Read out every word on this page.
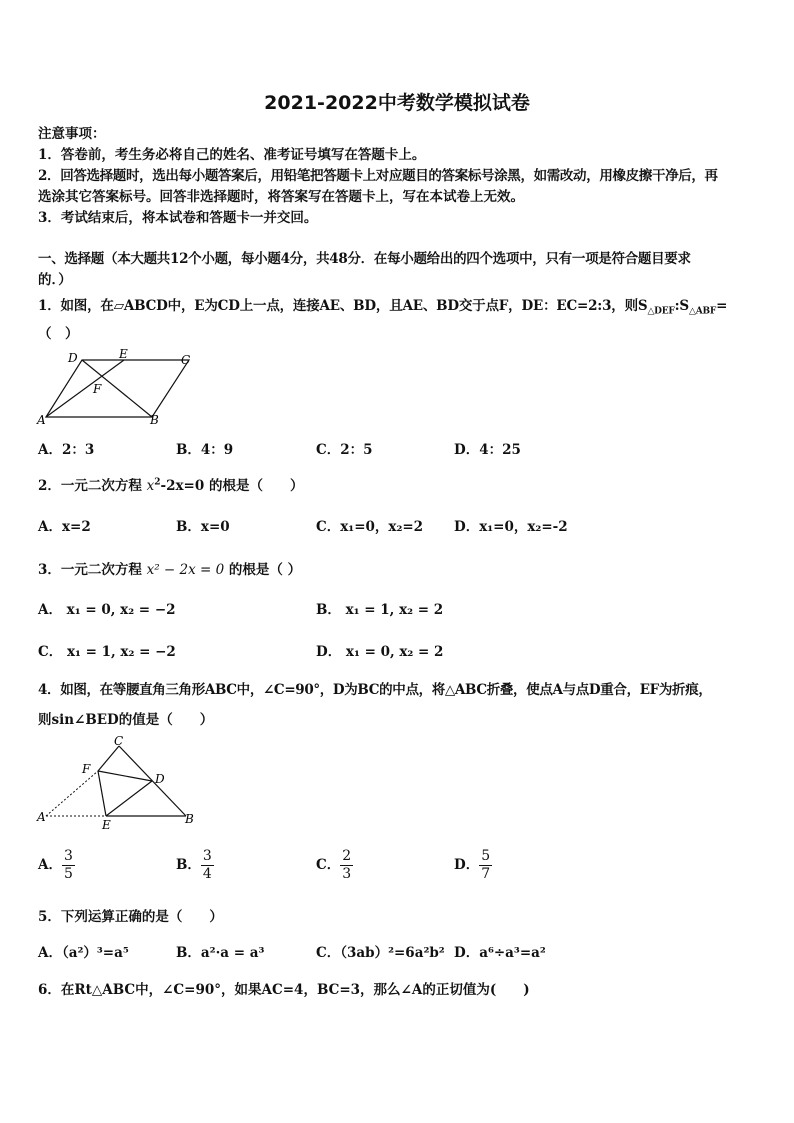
2021-2022中考数学模拟试卷
注意事项：
1．答卷前，考生务必将自己的姓名、准考证号填写在答题卡上。
2．回答选择题时，选出每小题答案后，用铅笔把答题卡上对应题目的答案标号涂黑，如需改动，用橡皮擦干净后，再
选涂其它答案标号。回答非选择题时，将答案写在答题卡上，写在本试卷上无效。
3．考试结束后，将本试卷和答题卡一并交回。
一、选择题（本大题共12个小题，每小题4分，共48分．在每小题给出的四个选项中，只有一项是符合题目要求
的．）
1．如图，在▱ABCD中，E为CD上一点，连接AE、BD，且AE、BD交于点F，DE：EC=2:3，则$S_{\triangle DEF}:S_{\triangle ABF}=$
（　）
D	E	C
F
A	B
A．2：3	B．4：9	C．2：5	D．4：25
2．一元二次方程 $x^2-2x=0$ 的根是（　　）
A．x=2	B．x=0	C．x₁=0，x₂=2 D．x₁=0，x₂=-2
3．一元二次方程 x² − 2x = 0 的根是（ ）
A． x₁ = 0, x₂ = −2	B． x₁ = 1, x₂ = 2
C． x₁ = 1, x₂ = −2	D． x₁ = 0, x₂ = 2
4．如图，在等腰直角三角形ABC中，∠C=90°，D为BC的中点，将△ABC折叠，使点A与点D重合，EF为折痕，
则sin∠BED的值是（　　）
C
F
D
A
E	B
A． $\frac{3}{5}$	B． $\frac{3}{4}$	C． $\frac{2}{3}$	D． $\frac{5}{7}$
5．下列运算正确的是（　　）
A．（a²）³=a⁵	B．a²·a = a³	C．（3ab）²=6a²b² D．a⁶÷a³=a²
6．在Rt△ABC中，∠C=90°，如果AC=4，BC=3，那么∠A的正切值为(　　)
